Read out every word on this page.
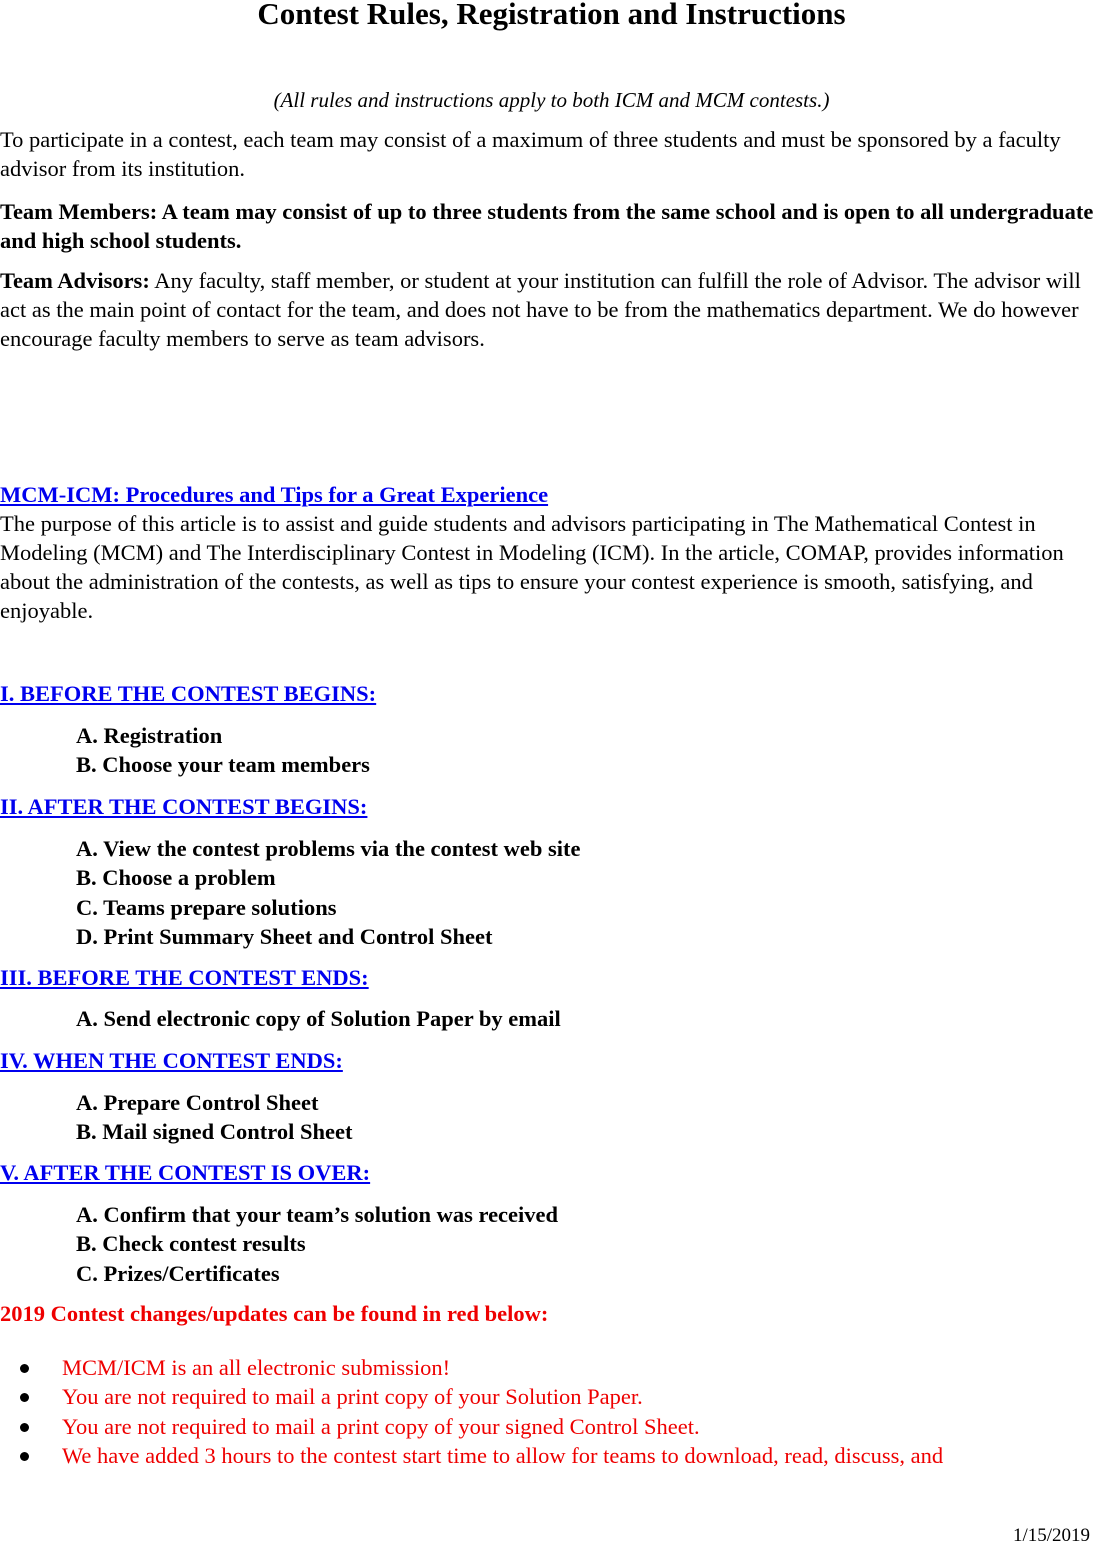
Contest Rules, Registration and Instructions

(All rules and instructions apply to both ICM and MCM contests.)

To participate in a contest, each team may consist of a maximum of three students and must be sponsored by a faculty advisor from its institution.

Team Members: A team may consist of up to three students from the same school and is open to all undergraduate and high school students.

Team Advisors: Any faculty, staff member, or student at your institution can fulfill the role of Advisor. The advisor will act as the main point of contact for the team, and does not have to be from the mathematics department. We do however encourage faculty members to serve as team advisors.

MCM-ICM: Procedures and Tips for a Great Experience
The purpose of this article is to assist and guide students and advisors participating in The Mathematical Contest in Modeling (MCM) and The Interdisciplinary Contest in Modeling (ICM). In the article, COMAP, provides information about the administration of the contests, as well as tips to ensure your contest experience is smooth, satisfying, and enjoyable.

I. BEFORE THE CONTEST BEGINS:

A. Registration
B. Choose your team members

II. AFTER THE CONTEST BEGINS:

A. View the contest problems via the contest web site
B. Choose a problem
C. Teams prepare solutions
D. Print Summary Sheet and Control Sheet

III. BEFORE THE CONTEST ENDS:

A. Send electronic copy of Solution Paper by email

IV. WHEN THE CONTEST ENDS:

A. Prepare Control Sheet
B. Mail signed Control Sheet

V. AFTER THE CONTEST IS OVER:

A. Confirm that your team’s solution was received
B. Check contest results
C. Prizes/Certificates

2019 Contest changes/updates can be found in red below:

MCM/ICM is an all electronic submission!
You are not required to mail a print copy of your Solution Paper.
You are not required to mail a print copy of your signed Control Sheet.
We have added 3 hours to the contest start time to allow for teams to download, read, discuss, and

1/15/2019
